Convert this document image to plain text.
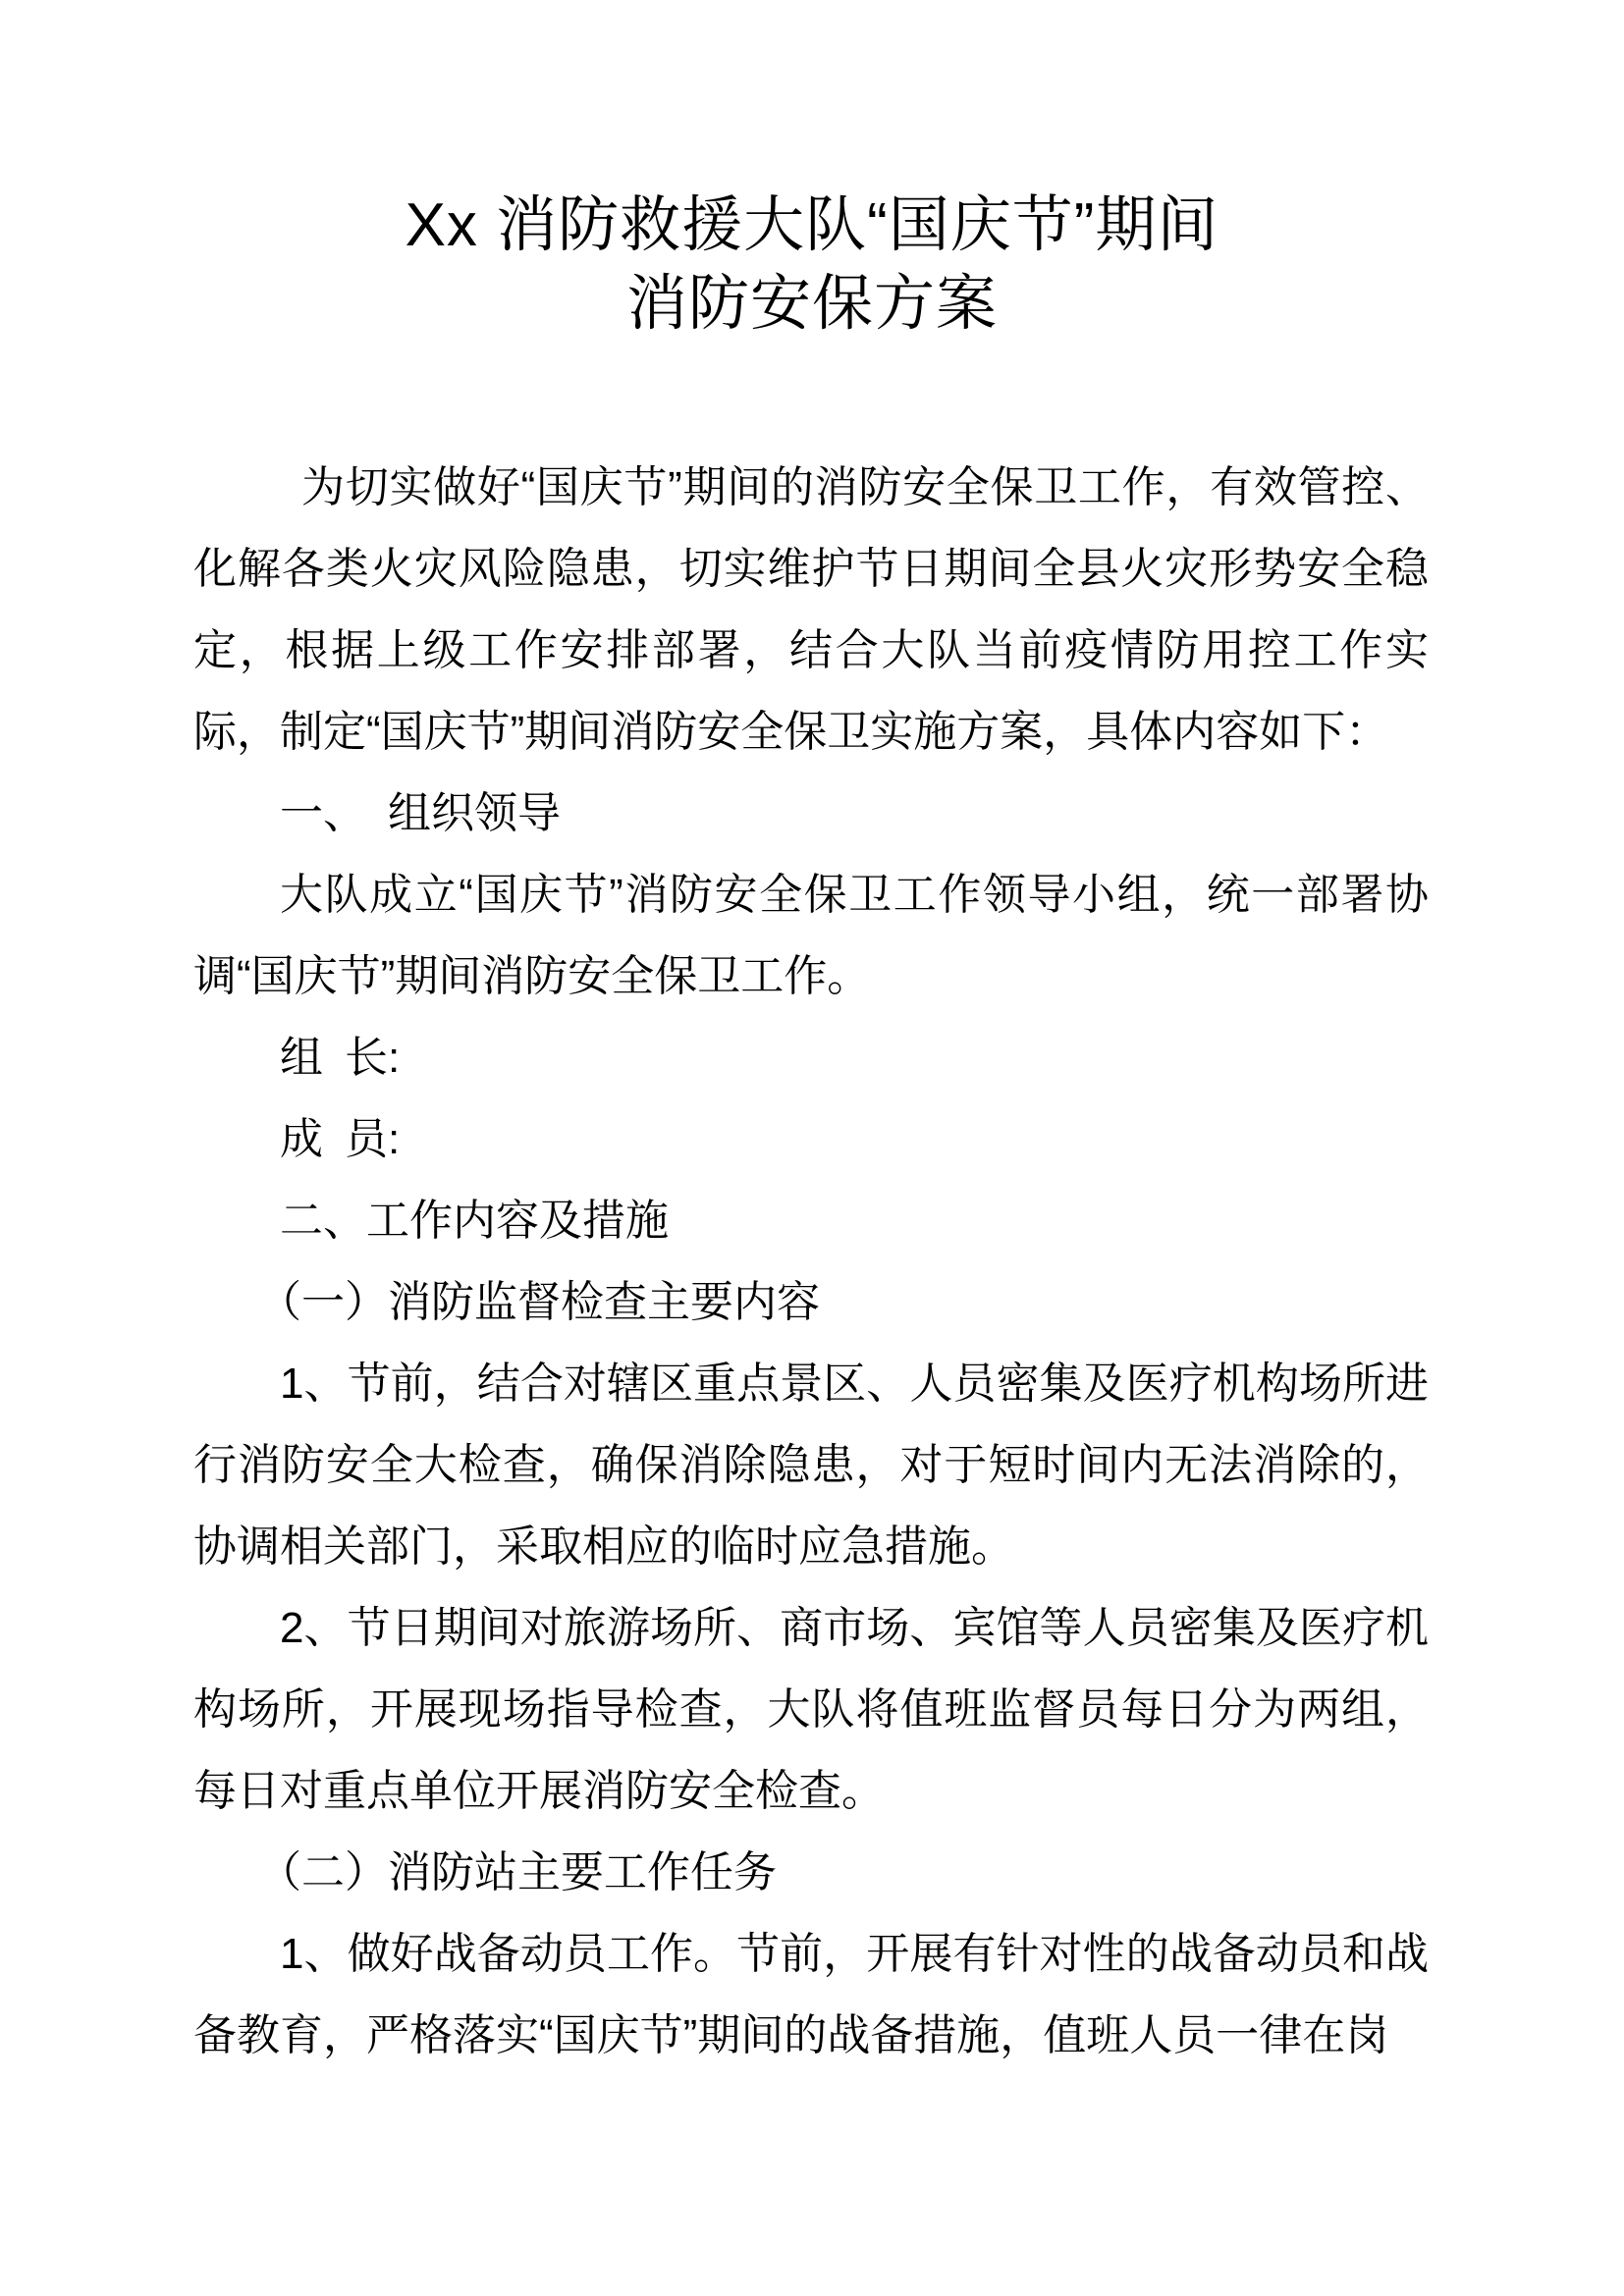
Xx 消防救援大队“国庆节”期间
消防安保方案

为切实做好“国庆节”期间的消防安全保卫工作，有效管控、化解各类火灾风险隐患，切实维护节日期间全县火灾形势安全稳定，根据上级工作安排部署，结合大队当前疫情防用控工作实际，制定“国庆节”期间消防安全保卫实施方案，具体内容如下：

一、 组织领导

大队成立“国庆节”消防安全保卫工作领导小组，统一部署协调“国庆节”期间消防安全保卫工作。

组 长:

成 员:

二、工作内容及措施

（一）消防监督检查主要内容

1、节前，结合对辖区重点景区、人员密集及医疗机构场所进行消防安全大检查，确保消除隐患，对于短时间内无法消除的，协调相关部门，采取相应的临时应急措施。

2、节日期间对旅游场所、商市场、宾馆等人员密集及医疗机构场所，开展现场指导检查，大队将值班监督员每日分为两组，每日对重点单位开展消防安全检查。

（二）消防站主要工作任务

1、做好战备动员工作。节前，开展有针对性的战备动员和战备教育，严格落实“国庆节”期间的战备措施，值班人员一律在岗
